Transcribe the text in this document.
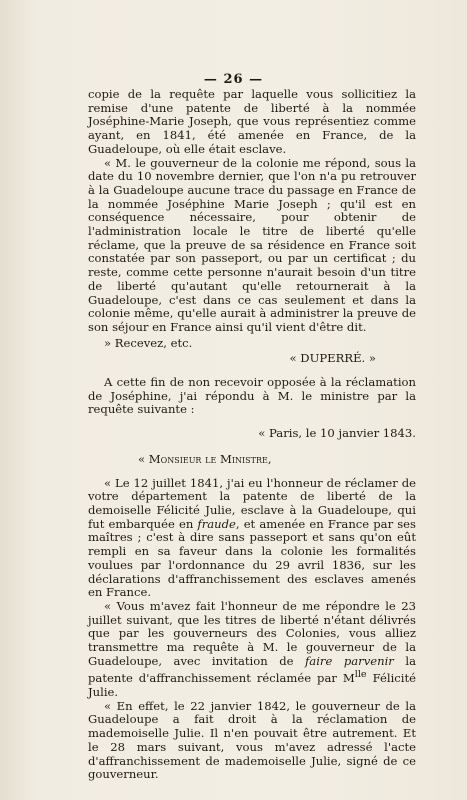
— 26 —

copie de la requête par laquelle vous sollicitiez la remise d'une patente de liberté à la nommée Joséphine-Marie Joseph, que vous représentiez comme ayant, en 1841, été amenée en France, de la Guadeloupe, où elle était esclave.

« M. le gouverneur de la colonie me répond, sous la date du 10 novembre dernier, que l'on n'a pu retrouver à la Guadeloupe aucune trace du passage en France de la nommée Joséphine Marie Joseph ; qu'il est en conséquence nécessaire, pour obtenir de l'administration locale le titre de liberté qu'elle réclame, que la preuve de sa résidence en France soit constatée par son passeport, ou par un certificat ; du reste, comme cette personne n'aurait besoin d'un titre de liberté qu'autant qu'elle retournerait à la Guadeloupe, c'est dans ce cas seulement et dans la colonie même, qu'elle aurait à administrer la preuve de son séjour en France ainsi qu'il vient d'être dit.

» Recevez, etc.

« DUPERRÉ. »

A cette fin de non recevoir opposée à la réclamation de Joséphine, j'ai répondu à M. le ministre par la requête suivante :

« Paris, le 10 janvier 1843.

« Monsieur le Ministre,

« Le 12 juillet 1841, j'ai eu l'honneur de réclamer de votre département la patente de liberté de la demoiselle Félicité Julie, esclave à la Guadeloupe, qui fut embarquée en fraude, et amenée en France par ses maîtres ; c'est à dire sans passeport et sans qu'on eût rempli en sa faveur dans la colonie les formalités voulues par l'ordonnance du 29 avril 1836, sur les déclarations d'affranchissement des esclaves amenés en France.

« Vous m'avez fait l'honneur de me répondre le 23 juillet suivant, que les titres de liberté n'étant délivrés que par les gouverneurs des Colonies, vous alliez transmettre ma requête à M. le gouverneur de la Guadeloupe, avec invitation de faire parvenir la patente d'affranchissement réclamée par $M^{lle}$ Félicité Julie.

« En effet, le 22 janvier 1842, le gouverneur de la Guadeloupe a fait droit à la réclamation de mademoiselle Julie. Il n'en pouvait être autrement. Et le 28 mars suivant, vous m'avez adressé l'acte d'affranchissement de mademoiselle Julie, signé de ce gouverneur.
